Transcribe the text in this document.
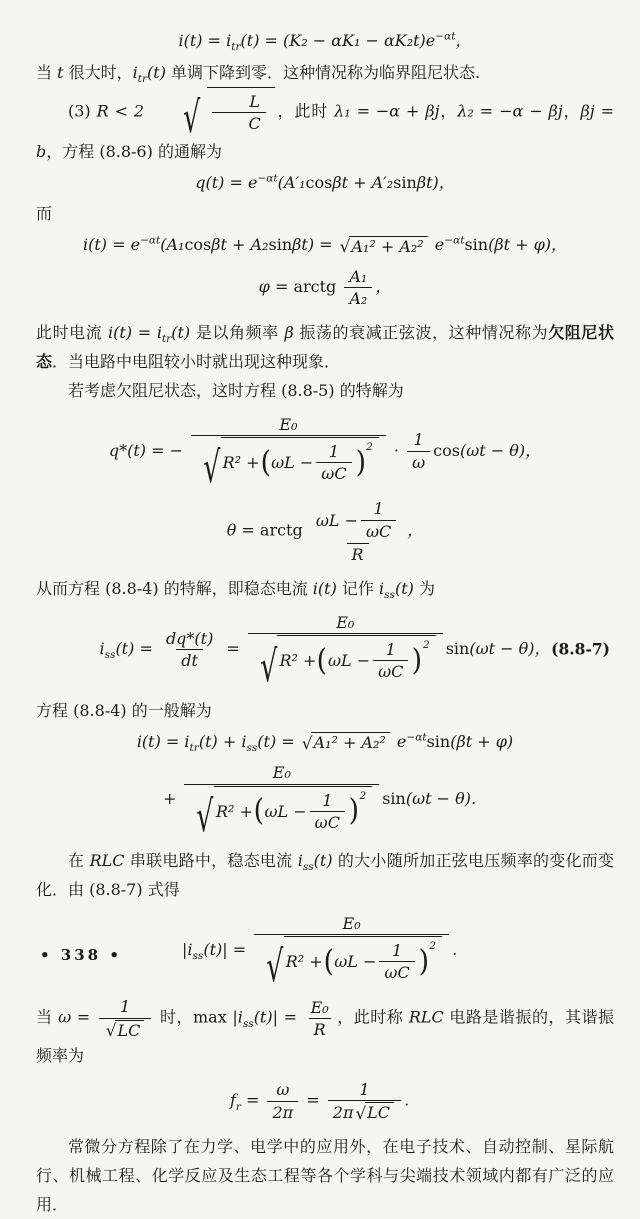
$i(t) = i_{tr}(t) = (K_2 - \alpha K_1 - \alpha K_2t)e^{-\alpha t}$，

当 t 很大时，$i_{tr}(t)$ 单调下降到零．这种情况称为临界阻尼状态.

(3) R < 2 √ $\frac{L}{C}$ ，此时 λ₁ = −α + βj，λ₂ = −α − βj，βj = b，方程 (8.8-6) 的通解为

$q(t) = e^{-\alpha t}(A'_1\cos\beta t + A'_2\sin\beta t)$，

而

$i(t) = e^{-\alpha t}(A_1\cos\beta t + A_2\sin\beta t)$ = √ A₁² + A₂² $e^{-\alpha t}\sin(\beta t + \varphi)$，
φ = arctg $\frac{\text{A₁}}{\text{A₂}}$ ，

此时电流 $i(t) = i_{tr}(t)$ 是以角频率 β 振荡的衰减正弦波，这种情况称为欠阻尼状态．当电路中电阻较小时就出现这种现象．

若考虑欠阻尼状态，这时方程 (8.8-5) 的特解为

q*(t) = − $\frac{\text{E₀}}{√ R^2 + ( \omega L - \frac{1}{\omega C} ) ^2} \cdot \frac{1}{\omega} \cos(\omega t - \theta)$，
θ = arctg $\frac{\omega L - \frac{1}{\omega C}}{R}$ ，

从而方程 (8.8-4) 的特解，即稳态电流 i(t) 记作 $i_{ss}(t)$ 为

$i_{ss}(t) = \frac{dq*(t)}{dt} = \frac{\text{E₀}}{√ R^2 + ( \omega L - \frac{1}{\omega C} ) ^2} \sin(\omega t - \theta)$， (8.8-7)

方程 (8.8-4) 的一般解为

$i(t) = i_{tr}(t) + i_{ss}(t)$ = √ A₁² + A₂² $e^{-\alpha t}\sin(\beta t + \varphi)$
+ $\frac{\text{E₀}}{√ R^2 + ( \omega L - \frac{1}{\omega C} ) ^2} \sin(\omega t - \theta)$．

在 RLC 串联电路中，稳态电流 $i_{ss}(t)$ 的大小随所加正弦电压频率的变化而变化．由 (8.8-7) 式得

$|i_{ss}(t)| = \frac{\text{E₀}}{√ R^2 + ( \omega L - \frac{1}{\omega C} ) ^2}$ ．

当 $\omega = \frac{1}{√ LC}$ 时，$\max |i_{ss}(t)| = \frac{\text{E₀}}{R}$ ，此时称 RLC 电路是谐振的，其谐振频率为

$f_r = \frac{\omega}{2\pi} = \frac{1}{2\pi √ LC}$ ．

常微分方程除了在力学、电学中的应用外，在电子技术、自动控制、星际航行、机械工程、化学反应及生态工程等各个学科与尖端技术领域内都有广泛的应用．

• 338 •
